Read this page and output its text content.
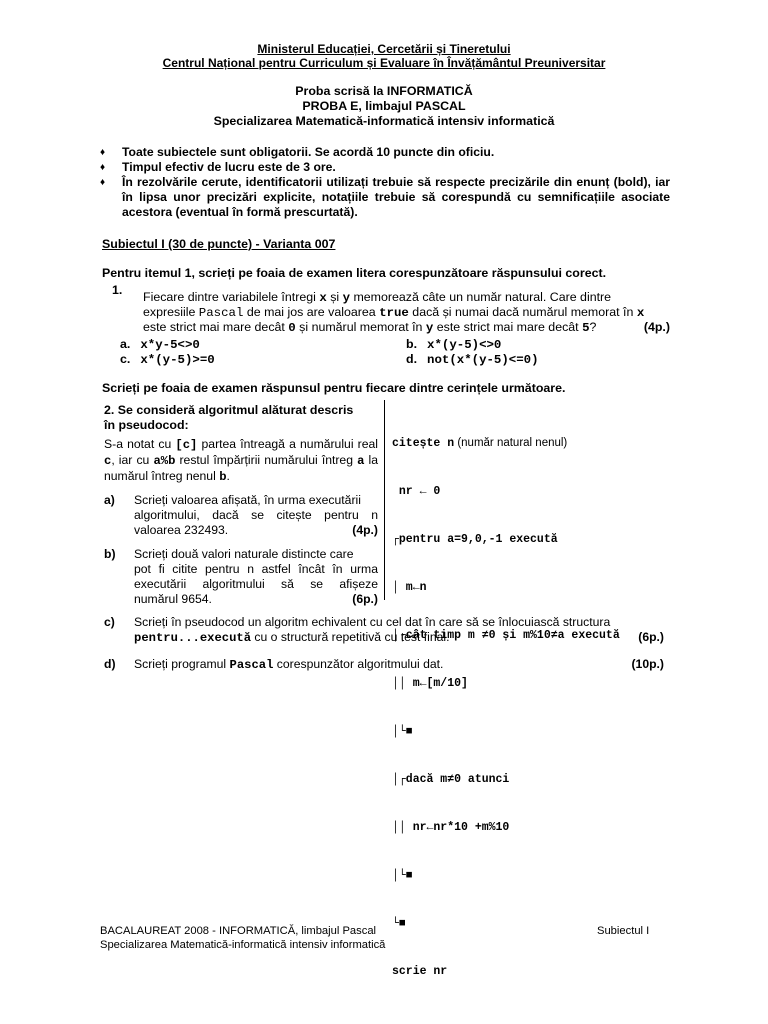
Ministerul Educației, Cercetării și Tineretului
Centrul Național pentru Curriculum și Evaluare în Învățământul Preuniversitar
Proba scrisă la INFORMATICĂ
PROBA E, limbajul PASCAL
Specializarea Matematică-informatică intensiv informatică
♦ Toate subiectele sunt obligatorii. Se acordă 10 puncte din oficiu.
♦ Timpul efectiv de lucru este de 3 ore.
♦ În rezolvările cerute, identificatorii utilizați trebuie să respecte precizările din enunț (bold), iar în lipsa unor precizări explicite, notațiile trebuie să corespundă cu semnificațiile asociate acestora (eventual în formă prescurtată).
Subiectul I (30 de puncte) - Varianta 007
Pentru itemul 1, scrieți pe foaia de examen litera corespunzătoare răspunsului corect.
1. Fiecare dintre variabilele întregi x și y memorează câte un număr natural. Care dintre
expresiile Pascal de mai jos are valoarea true dacă și numai dacă numărul memorat în x
este strict mai mare decât 0 și numărul memorat în y este strict mai mare decât 5?	(4p.)
a. x*y-5<>0	b. x*(y-5)<>0
c. x*(y-5)>=0	d. not(x*(y-5)<=0)
Scrieți pe foaia de examen răspunsul pentru fiecare dintre cerințele următoare.
2. Se consideră algoritmul alăturat descris
în pseudocod:
S-a notat cu [c] partea întreagă a numărului real c, iar cu a%b restul împărțirii numărului întreg a la numărul întreg nenul b.
a) Scrieți valoarea afișată, în urma executării
algoritmului, dacă se citește pentru n
valoarea 232493.	(4p.)
b) Scrieți două valori naturale distincte care
pot fi citite pentru n astfel încât în urma
executării algoritmului să se afișeze
numărul 9654.	(6p.)

citește n (număr natural nenul)

nr ← 0

┌pentru a=9,0,-1 execută

│ m←n

│┌cât timp m ≠0 și m%10≠a execută

││ m←[m/10]

│└■

│┌dacă m≠0 atunci

││ nr←nr*10 +m%10

│└■

└■

scrie nr

c) Scrieți în pseudocod un algoritm echivalent cu cel dat în care să se înlocuiască structura
pentru...execută cu o structură repetitivă cu test final.	(6p.)
d) Scrieți programul Pascal corespunzător algoritmului dat.	(10p.)
BACALAUREAT 2008 - INFORMATICĂ, limbajul Pascal
Specializarea Matematică-informatică intensiv informatică
Subiectul I
